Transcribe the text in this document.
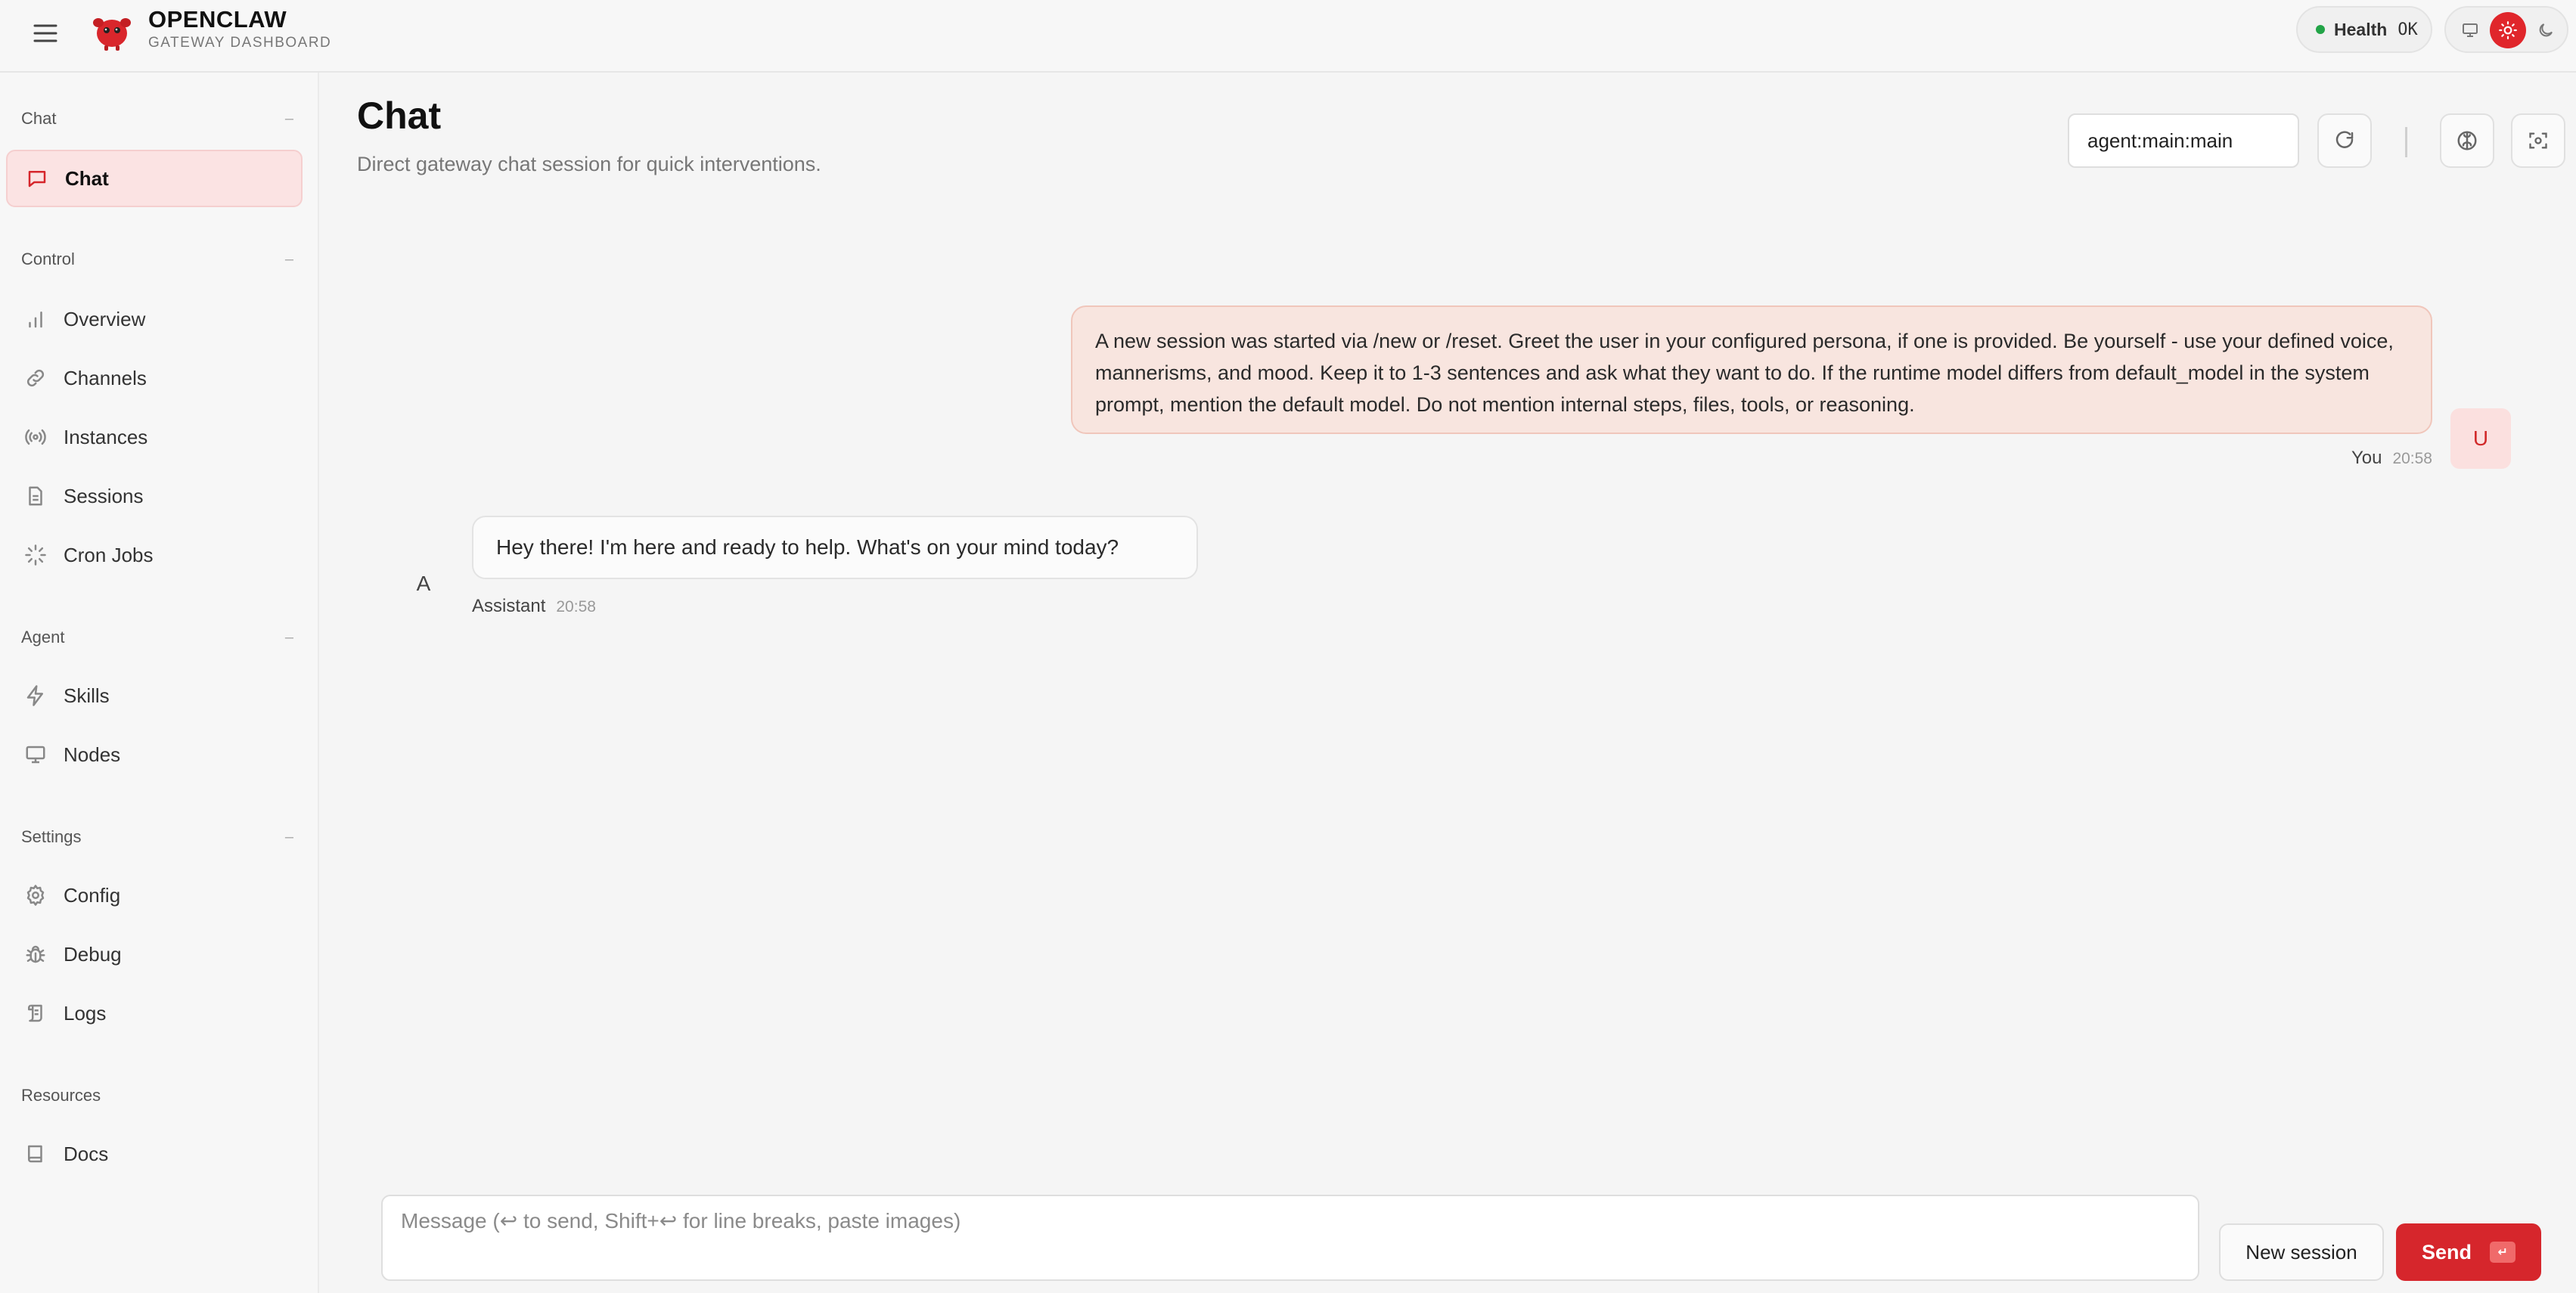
OPENCLAW
GATEWAY DASHBOARD
Health OK
Chat	–
Chat
Control	–
Overview
Channels
Instances
Sessions
Cron Jobs
Agent	–
Skills
Nodes
Settings	–
Config
Debug
Logs
Resources
Docs
Chat
Direct gateway chat session for quick interventions.
agent:main:main
A new session was started via /new or /reset. Greet the user in your configured persona, if one is provided. Be yourself - use your defined voice, mannerisms, and mood. Keep it to 1-3 sentences and ask what they want to do. If the runtime model differs from default_model in the system prompt, mention the default model. Do not mention internal steps, files, tools, or reasoning.
You 20:58
U
A
Hey there! I'm here and ready to help. What's on your mind today?
Assistant 20:58
Message (↩ to send, Shift+↩ for line breaks, paste images)
New session	Send	↵
